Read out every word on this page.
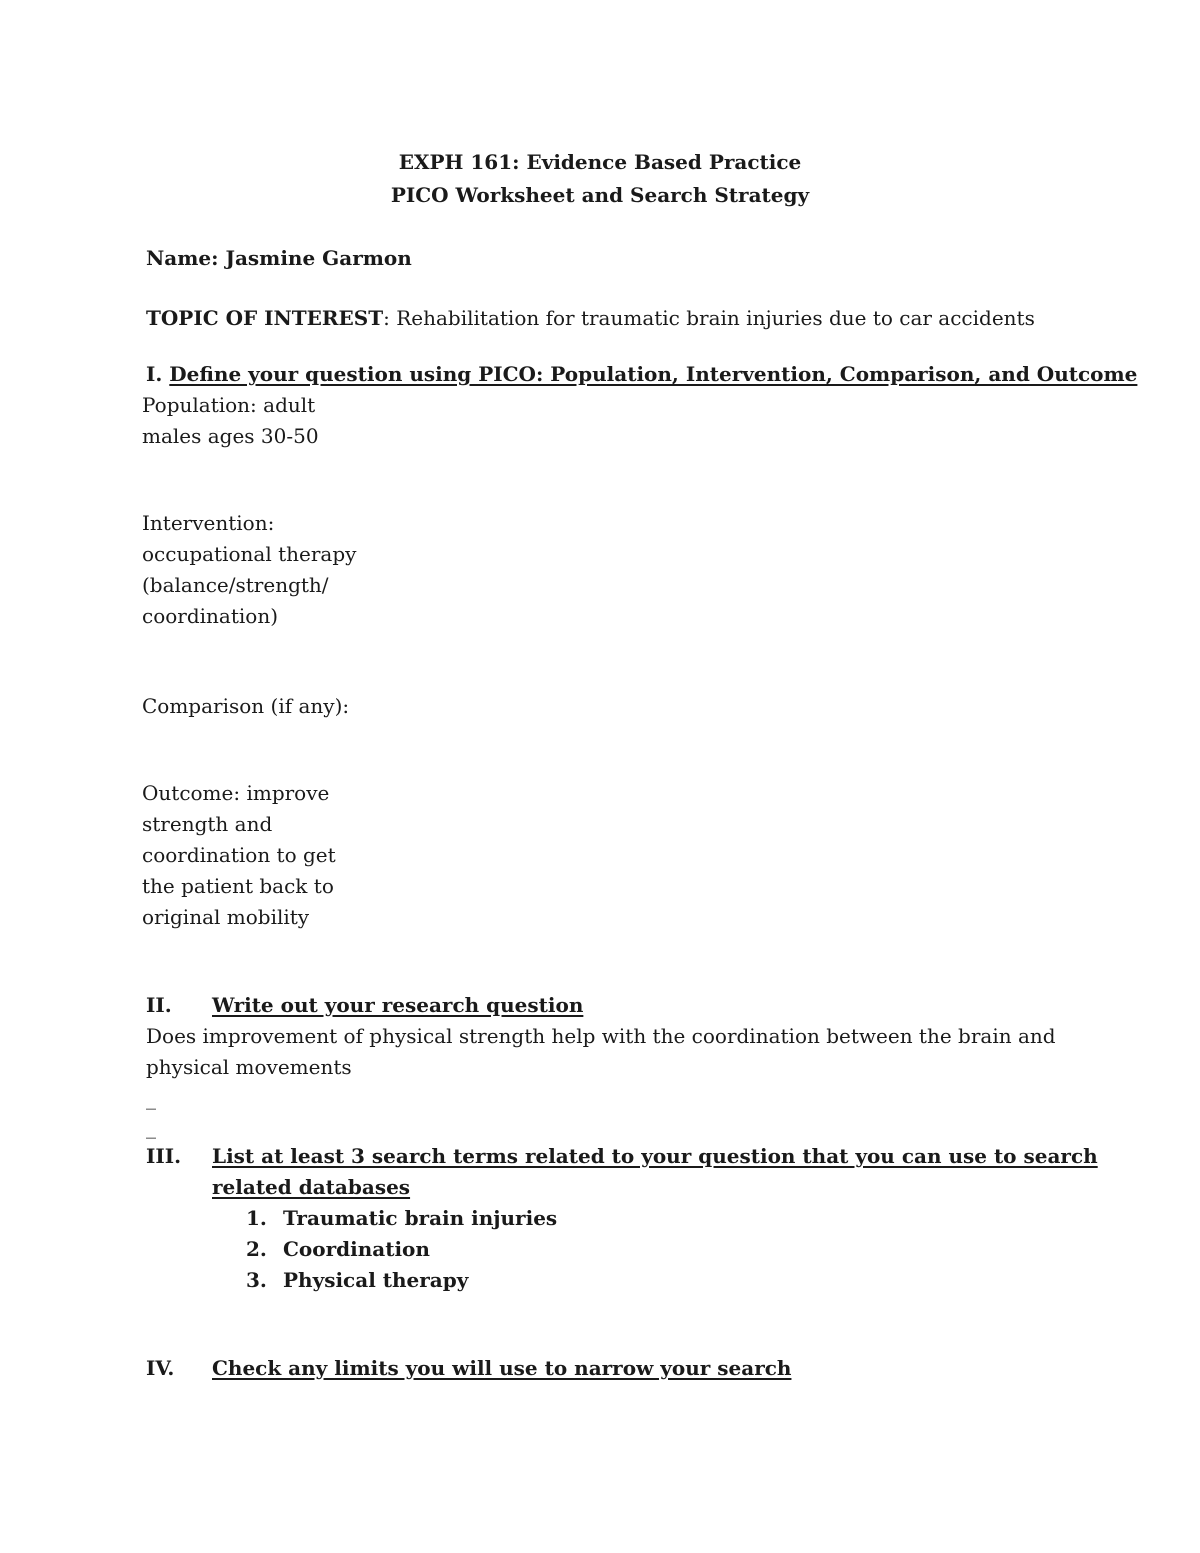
EXPH 161: Evidence Based Practice
PICO Worksheet and Search Strategy
Name: Jasmine Garmon
TOPIC OF INTEREST: Rehabilitation for traumatic brain injuries due to car accidents
I. Define your question using PICO: Population, Intervention, Comparison, and Outcome
Population: adult
males ages 30-50
Intervention:
occupational therapy
(balance/strength/
coordination)
Comparison (if any):
Outcome: improve
strength and
coordination to get
the patient back to
original mobility
II. Write out your research question
Does improvement of physical strength help with the coordination between the brain and
physical movements
_
_
III. List at least 3 search terms related to your question that you can use to search
related databases
1. Traumatic brain injuries
2. Coordination
3. Physical therapy
IV. Check any limits you will use to narrow your search
